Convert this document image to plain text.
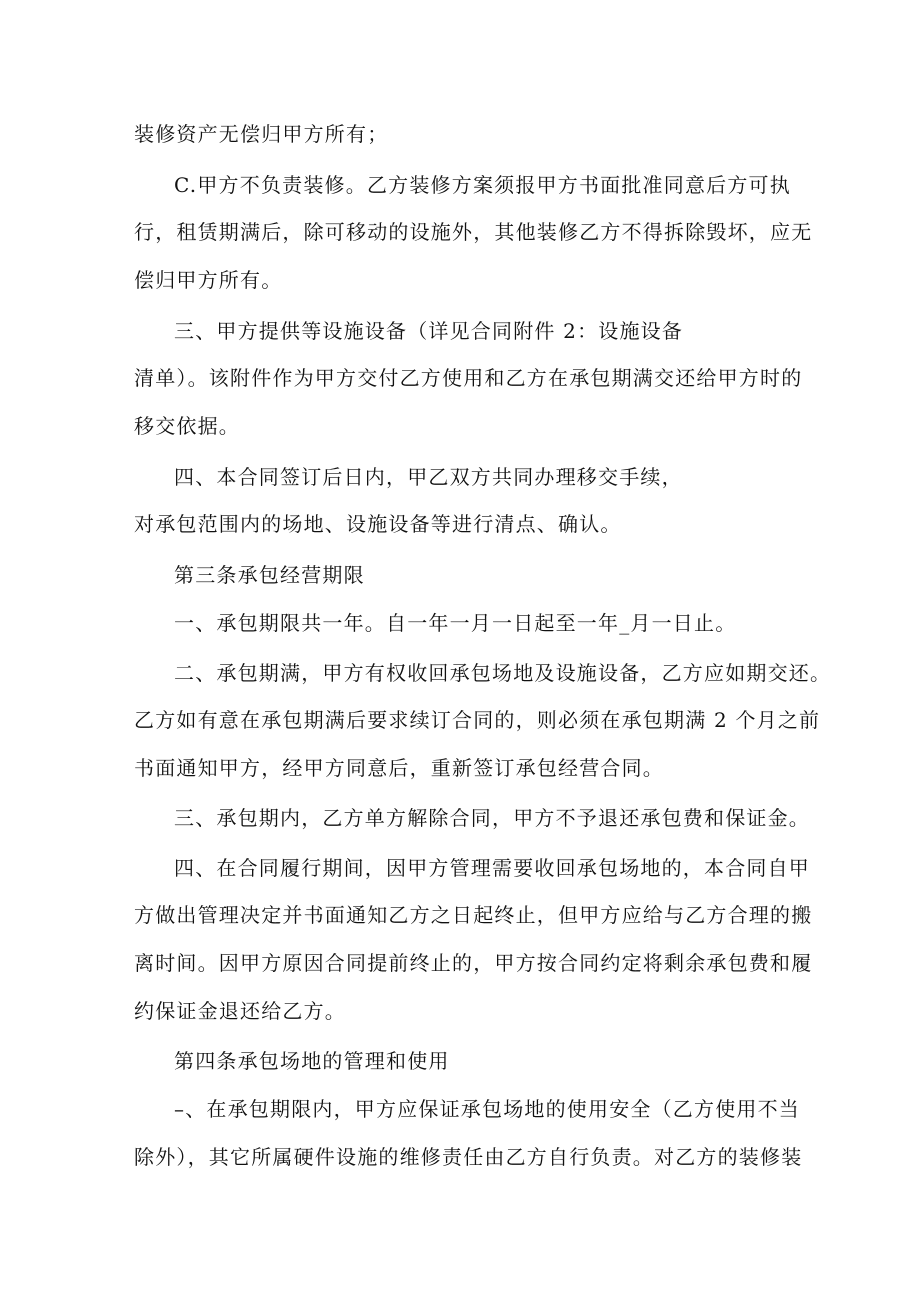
装修资产无偿归甲方所有；
C.甲方不负责装修。乙方装修方案须报甲方书面批准同意后方可执
行，租赁期满后，除可移动的设施外，其他装修乙方不得拆除毁坏，应无
偿归甲方所有。
三、甲方提供等设施设备（详见合同附件 2：设施设备
清单）。该附件作为甲方交付乙方使用和乙方在承包期满交还给甲方时的
移交依据。
四、本合同签订后日内，甲乙双方共同办理移交手续，
对承包范围内的场地、设施设备等进行清点、确认。
第三条承包经营期限
一、承包期限共一年。自一年一月一日起至一年_月一日止。
二、承包期满，甲方有权收回承包场地及设施设备，乙方应如期交还。
乙方如有意在承包期满后要求续订合同的，则必须在承包期满 2 个月之前
书面通知甲方，经甲方同意后，重新签订承包经营合同。
三、承包期内，乙方单方解除合同，甲方不予退还承包费和保证金。
四、在合同履行期间，因甲方管理需要收回承包场地的，本合同自甲
方做出管理决定并书面通知乙方之日起终止，但甲方应给与乙方合理的搬
离时间。因甲方原因合同提前终止的，甲方按合同约定将剩余承包费和履
约保证金退还给乙方。
第四条承包场地的管理和使用
–、在承包期限内，甲方应保证承包场地的使用安全（乙方使用不当
除外），其它所属硬件设施的维修责任由乙方自行负责。对乙方的装修装
